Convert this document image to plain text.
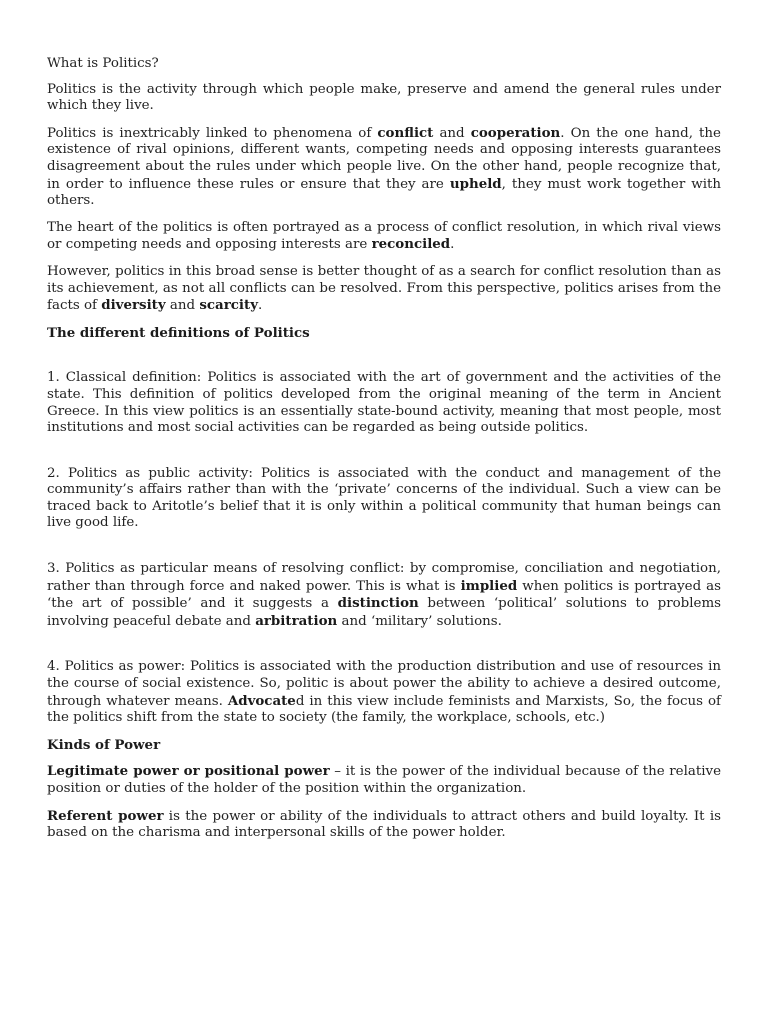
What is Politics?

Politics is the activity through which people make, preserve and amend the general rules under which they live.

Politics is inextricably linked to phenomena of conflict and cooperation. On the one hand, the existence of rival opinions, different wants, competing needs and opposing interests guarantees disagreement about the rules under which people live. On the other hand, people recognize that, in order to influence these rules or ensure that they are upheld, they must work together with others.

The heart of the politics is often portrayed as a process of conflict resolution, in which rival views or competing needs and opposing interests are reconciled.

However, politics in this broad sense is better thought of as a search for conflict resolution than as its achievement, as not all conflicts can be resolved. From this perspective, politics arises from the facts of diversity and scarcity.

The different definitions of Politics

1. Classical definition: Politics is associated with the art of government and the activities of the state. This definition of politics developed from the original meaning of the term in Ancient Greece. In this view politics is an essentially state-bound activity, meaning that most people, most institutions and most social activities can be regarded as being outside politics.

2. Politics as public activity: Politics is associated with the conduct and management of the community’s affairs rather than with the ‘private’ concerns of the individual. Such a view can be traced back to Aritotle’s belief that it is only within a political community that human beings can live good life.

3. Politics as particular means of resolving conflict: by compromise, conciliation and negotiation, rather than through force and naked power. This is what is implied when politics is portrayed as ‘the art of possible’ and it suggests a distinction between ‘political’ solutions to problems involving peaceful debate and arbitration and ‘military’ solutions.

4. Politics as power: Politics is associated with the production distribution and use of resources in the course of social existence. So, politic is about power the ability to achieve a desired outcome, through whatever means. Advocated in this view include feminists and Marxists, So, the focus of the politics shift from the state to society (the family, the workplace, schools, etc.)

Kinds of Power

Legitimate power or positional power – it is the power of the individual because of the relative position or duties of the holder of the position within the organization.

Referent power is the power or ability of the individuals to attract others and build loyalty. It is based on the charisma and interpersonal skills of the power holder.
